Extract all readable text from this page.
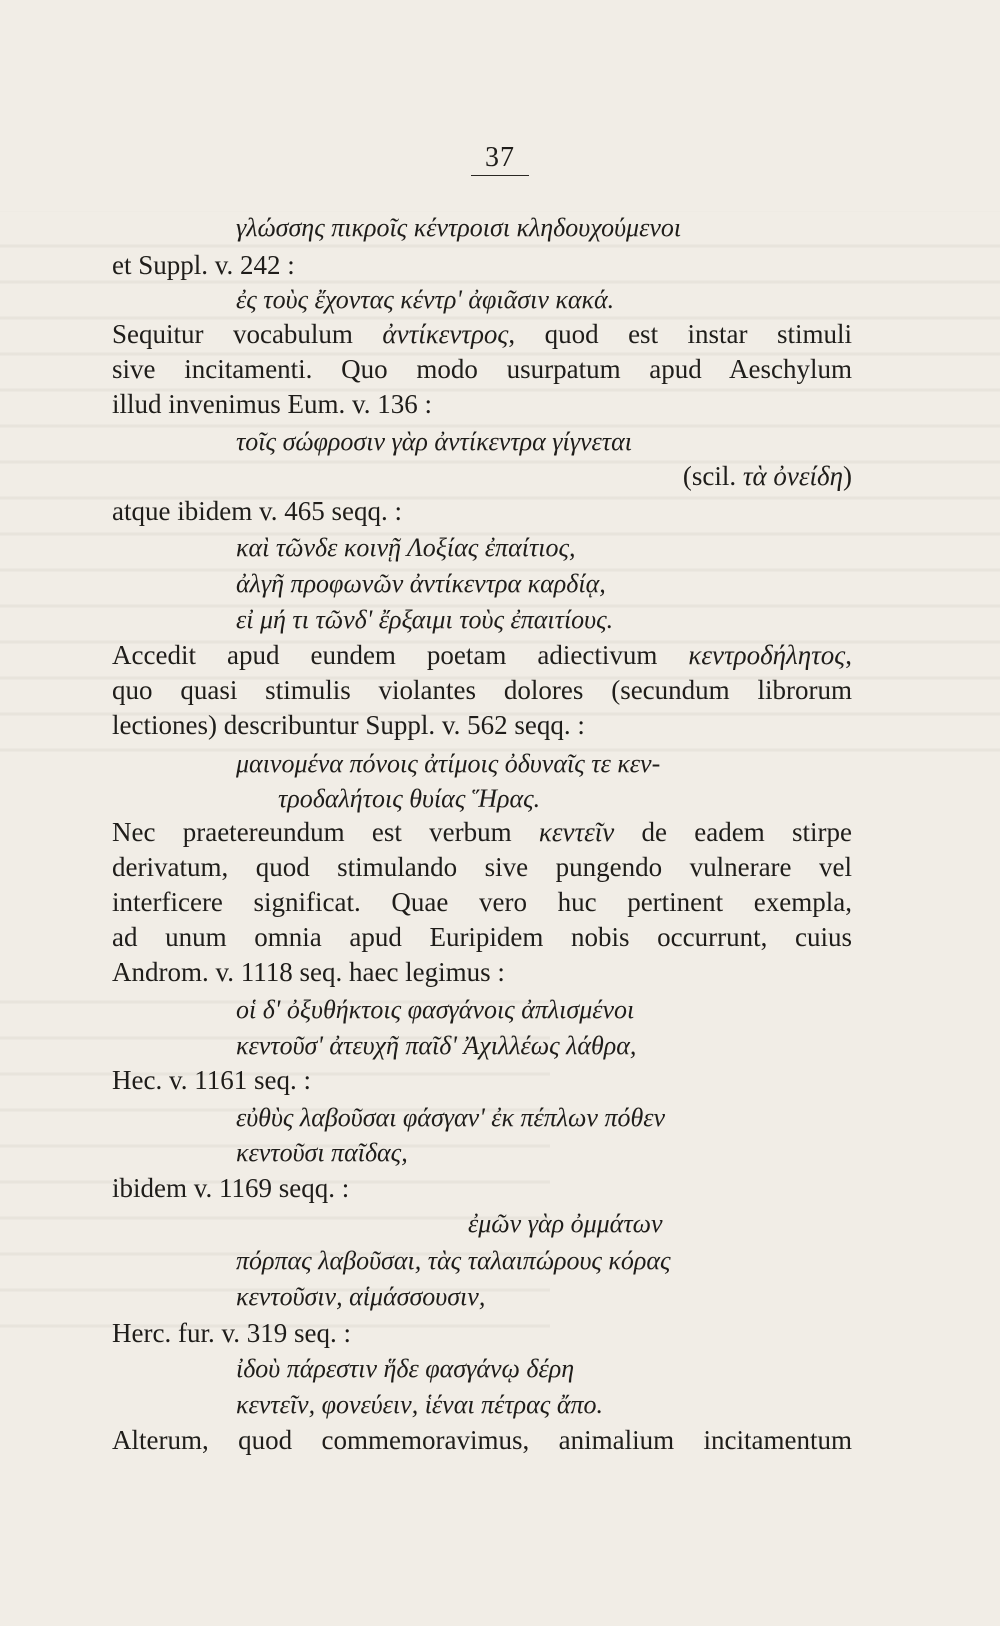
37
γλώσσης πικροῖς κέντροισι κληδουχούμενοι
et Suppl. v. 242 :
ἐς τοὺς ἔχοντας κέντρ' ἀφιᾶσιν κακά.
Sequitur vocabulum ἀντίκεντρος, quod est instar stimuli
sive incitamenti. Quo modo usurpatum apud Aeschylum
illud invenimus Eum. v. 136 :
τοῖς σώφροσιν γὰρ ἀντίκεντρα γίγνεται
(scil. τὰ ὀνείδη)
atque ibidem v. 465 seqq. :
καὶ τῶνδε κοινῇ Λοξίας ἐπαίτιος,
ἀλγῆ προφωνῶν ἀντίκεντρα καρδίᾳ,
εἰ μή τι τῶνδ' ἔρξαιμι τοὺς ἐπαιτίους.
Accedit apud eundem poetam adiectivum κεντροδήλητος,
quo quasi stimulis violantes dolores (secundum librorum
lectiones) describuntur Suppl. v. 562 seqq. :
μαινομένα πόνοις ἀτίμοις ὀδυναῖς τε κεν-
τροδαλήτοις θυίας Ἥρας.
Nec praetereundum est verbum κεντεῖν de eadem stirpe
derivatum, quod stimulando sive pungendo vulnerare vel
interficere significat. Quae vero huc pertinent exempla,
ad unum omnia apud Euripidem nobis occurrunt, cuius
Androm. v. 1118 seq. haec legimus :
οἱ δ' ὀξυθήκτοις φασγάνοις ἀπλισμένοι
κεντοῦσ' ἀτευχῆ παῖδ' Ἀχιλλέως λάθρα,
Hec. v. 1161 seq. :
εὐθὺς λαβοῦσαι φάσγαν' ἐκ πέπλων πόθεν
κεντοῦσι παῖδας,
ibidem v. 1169 seqq. :
ἐμῶν γὰρ ὀμμάτων
πόρπας λαβοῦσαι, τὰς ταλαιπώρους κόρας
κεντοῦσιν, αἱμάσσουσιν,
Herc. fur. v. 319 seq. :
ἰδοὺ πάρεστιν ἥδε φασγάνῳ δέρη
κεντεῖν, φονεύειν, ἱέναι πέτρας ἄπο.
Alterum, quod commemoravimus, animalium incitamentum
